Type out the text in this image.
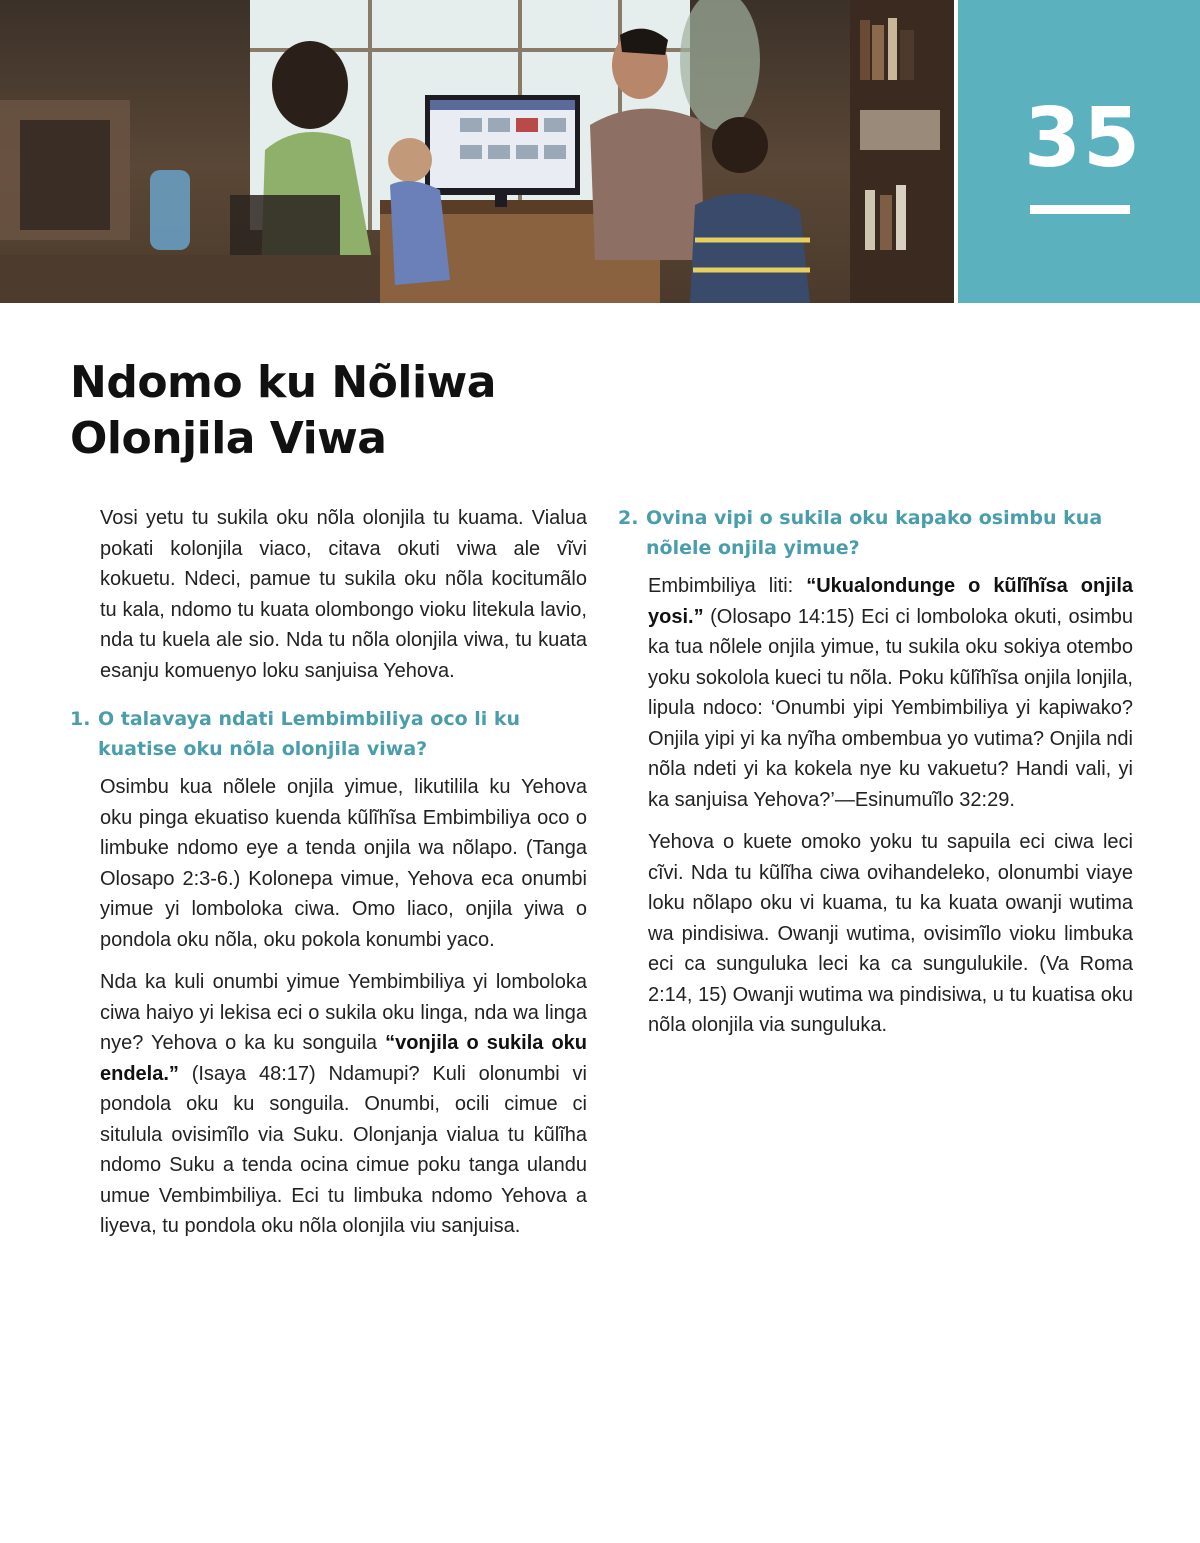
35
Ndomo ku Nõliwa
Olonjila Viwa

Vosi yetu tu sukila oku nõla olonjila tu kuama. Vialua pokati kolonjila viaco, citava okuti viwa ale vĩvi kokuetu. Ndeci, pamue tu sukila oku nõla kocitumãlo tu kala, ndomo tu kuata olombongo vioku litekula lavio, nda tu kuela ale sio. Nda tu nõla olonjila viwa, tu kuata esanju komuenyo loku sanjuisa Yehova.

1. O talavaya ndati Lembimbiliya oco li ku kuatise oku nõla olonjila viwa?

Osimbu kua nõlele onjila yimue, likutilila ku Yehova oku pinga ekuatiso kuenda kũlĩhĩsa Embimbiliya oco o limbuke ndomo eye a tenda onjila wa nõlapo. (Tanga Olosapo 2:3-6.) Kolonepa vimue, Yehova eca onumbi yimue yi lomboloka ciwa. Omo liaco, onjila yiwa o pondola oku nõla, oku pokola konumbi yaco.

Nda ka kuli onumbi yimue Yembimbiliya yi lomboloka ciwa haiyo yi lekisa eci o sukila oku linga, nda wa linga nye? Yehova o ka ku songuila “vonjila o sukila oku endela.” (Isaya 48:17) Ndamupi? Kuli olonumbi vi pondola oku ku songuila. Onumbi, ocili cimue ci situlula ovisimĩlo via Suku. Olonjanja vialua tu kũlĩha ndomo Suku a tenda ocina cimue poku tanga ulandu umue Vembimbiliya. Eci tu limbuka ndomo Yehova a liyeva, tu pondola oku nõla olonjila viu sanjuisa.

2. Ovina vipi o sukila oku kapako osimbu kua nõlele onjila yimue?

Embimbiliya liti: “Ukualondunge o kũlĩhĩsa onjila yosi.” (Olosapo 14:15) Eci ci lomboloka okuti, osimbu ka tua nõlele onjila yimue, tu sukila oku sokiya otembo yoku sokolola kueci tu nõla. Poku kũlĩhĩsa onjila lonjila, lipula ndoco: ‘Onumbi yipi Yembimbiliya yi kapiwako? Onjila yipi yi ka nyĩha ombembua yo vutima? Onjila ndi nõla ndeti yi ka kokela nye ku vakuetu? Handi vali, yi ka sanjuisa Yehova?’—Esinumuĩlo 32:29.

Yehova o kuete omoko yoku tu sapuila eci ciwa leci cĩvi. Nda tu kũlĩha ciwa ovihandeleko, olonumbi viaye loku nõlapo oku vi kuama, tu ka kuata owanji wutima wa pindisiwa. Owanji wutima, ovisimĩlo vioku limbuka eci ca sunguluka leci ka ca sungulukile. (Va Roma 2:14, 15) Owanji wutima wa pindisiwa, u tu kuatisa oku nõla olonjila via sunguluka.
